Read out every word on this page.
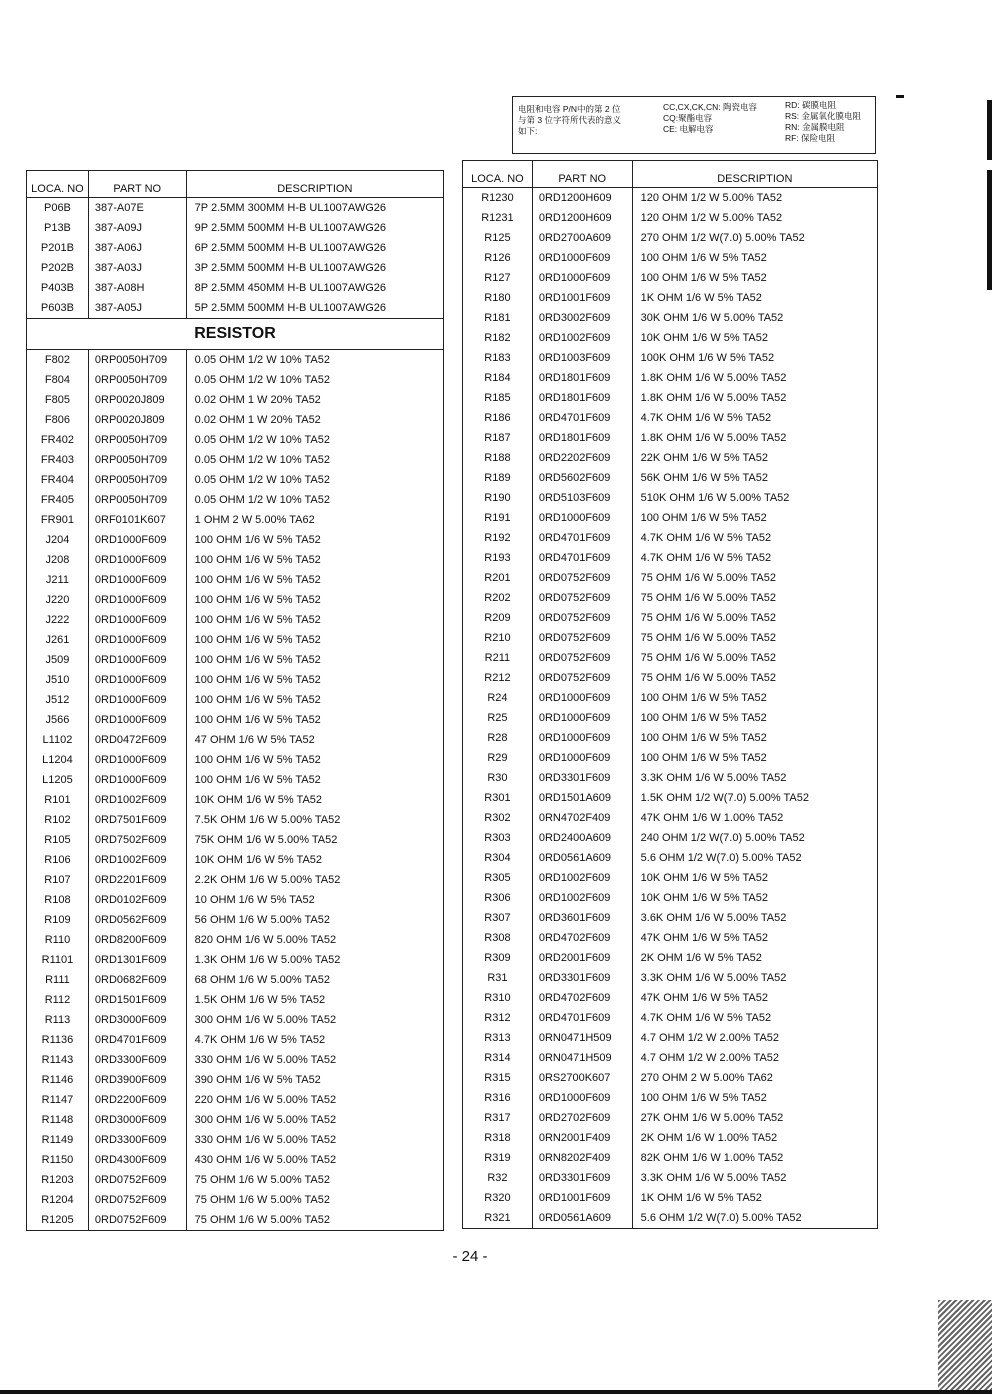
电阻和电容 P/N中的第 2 位
与第 3 位字符所代表的意义
如下:
CC,CX,CK,CN: 陶瓷电容
CQ:聚酯电容
CE: 电解电容
RD: 碳膜电阻
RS: 金属氧化膜电阻
RN: 金属膜电阻
RF: 保险电阻
LOCA. NO	PART NO	DESCRIPTION
P06B	387-A07E	7P 2.5MM 300MM H-B UL1007AWG26
P13B	387-A09J	9P 2.5MM 500MM H-B UL1007AWG26
P201B	387-A06J	6P 2.5MM 500MM H-B UL1007AWG26
P202B	387-A03J	3P 2.5MM 500MM H-B UL1007AWG26
P403B	387-A08H	8P 2.5MM 450MM H-B UL1007AWG26
P603B	387-A05J	5P 2.5MM 500MM H-B UL1007AWG26
RESISTOR		
F802	0RP0050H709	0.05 OHM 1/2 W 10% TA52
F804	0RP0050H709	0.05 OHM 1/2 W 10% TA52
F805	0RP0020J809	0.02 OHM 1 W 20% TA52
F806	0RP0020J809	0.02 OHM 1 W 20% TA52
FR402	0RP0050H709	0.05 OHM 1/2 W 10% TA52
FR403	0RP0050H709	0.05 OHM 1/2 W 10% TA52
FR404	0RP0050H709	0.05 OHM 1/2 W 10% TA52
FR405	0RP0050H709	0.05 OHM 1/2 W 10% TA52
FR901	0RF0101K607	1 OHM 2 W 5.00% TA62
J204	0RD1000F609	100 OHM 1/6 W 5% TA52
J208	0RD1000F609	100 OHM 1/6 W 5% TA52
J211	0RD1000F609	100 OHM 1/6 W 5% TA52
J220	0RD1000F609	100 OHM 1/6 W 5% TA52
J222	0RD1000F609	100 OHM 1/6 W 5% TA52
J261	0RD1000F609	100 OHM 1/6 W 5% TA52
J509	0RD1000F609	100 OHM 1/6 W 5% TA52
J510	0RD1000F609	100 OHM 1/6 W 5% TA52
J512	0RD1000F609	100 OHM 1/6 W 5% TA52
J566	0RD1000F609	100 OHM 1/6 W 5% TA52
L1102	0RD0472F609	47 OHM 1/6 W 5% TA52
L1204	0RD1000F609	100 OHM 1/6 W 5% TA52
L1205	0RD1000F609	100 OHM 1/6 W 5% TA52
R101	0RD1002F609	10K OHM 1/6 W 5% TA52
R102	0RD7501F609	7.5K OHM 1/6 W 5.00% TA52
R105	0RD7502F609	75K OHM 1/6 W 5.00% TA52
R106	0RD1002F609	10K OHM 1/6 W 5% TA52
R107	0RD2201F609	2.2K OHM 1/6 W 5.00% TA52
R108	0RD0102F609	10 OHM 1/6 W 5% TA52
R109	0RD0562F609	56 OHM 1/6 W 5.00% TA52
R110	0RD8200F609	820 OHM 1/6 W 5.00% TA52
R1101	0RD1301F609	1.3K OHM 1/6 W 5.00% TA52
R111	0RD0682F609	68 OHM 1/6 W 5.00% TA52
R112	0RD1501F609	1.5K OHM 1/6 W 5% TA52
R113	0RD3000F609	300 OHM 1/6 W 5.00% TA52
R1136	0RD4701F609	4.7K OHM 1/6 W 5% TA52
R1143	0RD3300F609	330 OHM 1/6 W 5.00% TA52
R1146	0RD3900F609	390 OHM 1/6 W 5% TA52
R1147	0RD2200F609	220 OHM 1/6 W 5.00% TA52
R1148	0RD3000F609	300 OHM 1/6 W 5.00% TA52
R1149	0RD3300F609	330 OHM 1/6 W 5.00% TA52
R1150	0RD4300F609	430 OHM 1/6 W 5.00% TA52
R1203	0RD0752F609	75 OHM 1/6 W 5.00% TA52
R1204	0RD0752F609	75 OHM 1/6 W 5.00% TA52
R1205	0RD0752F609	75 OHM 1/6 W 5.00% TA52
LOCA. NO	PART NO	DESCRIPTION
R1230	0RD1200H609	120 OHM 1/2 W 5.00% TA52
R1231	0RD1200H609	120 OHM 1/2 W 5.00% TA52
R125	0RD2700A609	270 OHM 1/2 W(7.0) 5.00% TA52
R126	0RD1000F609	100 OHM 1/6 W 5% TA52
R127	0RD1000F609	100 OHM 1/6 W 5% TA52
R180	0RD1001F609	1K OHM 1/6 W 5% TA52
R181	0RD3002F609	30K OHM 1/6 W 5.00% TA52
R182	0RD1002F609	10K OHM 1/6 W 5% TA52
R183	0RD1003F609	100K OHM 1/6 W 5% TA52
R184	0RD1801F609	1.8K OHM 1/6 W 5.00% TA52
R185	0RD1801F609	1.8K OHM 1/6 W 5.00% TA52
R186	0RD4701F609	4.7K OHM 1/6 W 5% TA52
R187	0RD1801F609	1.8K OHM 1/6 W 5.00% TA52
R188	0RD2202F609	22K OHM 1/6 W 5% TA52
R189	0RD5602F609	56K OHM 1/6 W 5% TA52
R190	0RD5103F609	510K OHM 1/6 W 5.00% TA52
R191	0RD1000F609	100 OHM 1/6 W 5% TA52
R192	0RD4701F609	4.7K OHM 1/6 W 5% TA52
R193	0RD4701F609	4.7K OHM 1/6 W 5% TA52
R201	0RD0752F609	75 OHM 1/6 W 5.00% TA52
R202	0RD0752F609	75 OHM 1/6 W 5.00% TA52
R209	0RD0752F609	75 OHM 1/6 W 5.00% TA52
R210	0RD0752F609	75 OHM 1/6 W 5.00% TA52
R211	0RD0752F609	75 OHM 1/6 W 5.00% TA52
R212	0RD0752F609	75 OHM 1/6 W 5.00% TA52
R24	0RD1000F609	100 OHM 1/6 W 5% TA52
R25	0RD1000F609	100 OHM 1/6 W 5% TA52
R28	0RD1000F609	100 OHM 1/6 W 5% TA52
R29	0RD1000F609	100 OHM 1/6 W 5% TA52
R30	0RD3301F609	3.3K OHM 1/6 W 5.00% TA52
R301	0RD1501A609	1.5K OHM 1/2 W(7.0) 5.00% TA52
R302	0RN4702F409	47K OHM 1/6 W 1.00% TA52
R303	0RD2400A609	240 OHM 1/2 W(7.0) 5.00% TA52
R304	0RD0561A609	5.6 OHM 1/2 W(7.0) 5.00% TA52
R305	0RD1002F609	10K OHM 1/6 W 5% TA52
R306	0RD1002F609	10K OHM 1/6 W 5% TA52
R307	0RD3601F609	3.6K OHM 1/6 W 5.00% TA52
R308	0RD4702F609	47K OHM 1/6 W 5% TA52
R309	0RD2001F609	2K OHM 1/6 W 5% TA52
R31	0RD3301F609	3.3K OHM 1/6 W 5.00% TA52
R310	0RD4702F609	47K OHM 1/6 W 5% TA52
R312	0RD4701F609	4.7K OHM 1/6 W 5% TA52
R313	0RN0471H509	4.7 OHM 1/2 W 2.00% TA52
R314	0RN0471H509	4.7 OHM 1/2 W 2.00% TA52
R315	0RS2700K607	270 OHM 2 W 5.00% TA62
R316	0RD1000F609	100 OHM 1/6 W 5% TA52
R317	0RD2702F609	27K OHM 1/6 W 5.00% TA52
R318	0RN2001F409	2K OHM 1/6 W 1.00% TA52
R319	0RN8202F409	82K OHM 1/6 W 1.00% TA52
R32	0RD3301F609	3.3K OHM 1/6 W 5.00% TA52
R320	0RD1001F609	1K OHM 1/6 W 5% TA52
R321	0RD0561A609	5.6 OHM 1/2 W(7.0) 5.00% TA52
- 24 -
